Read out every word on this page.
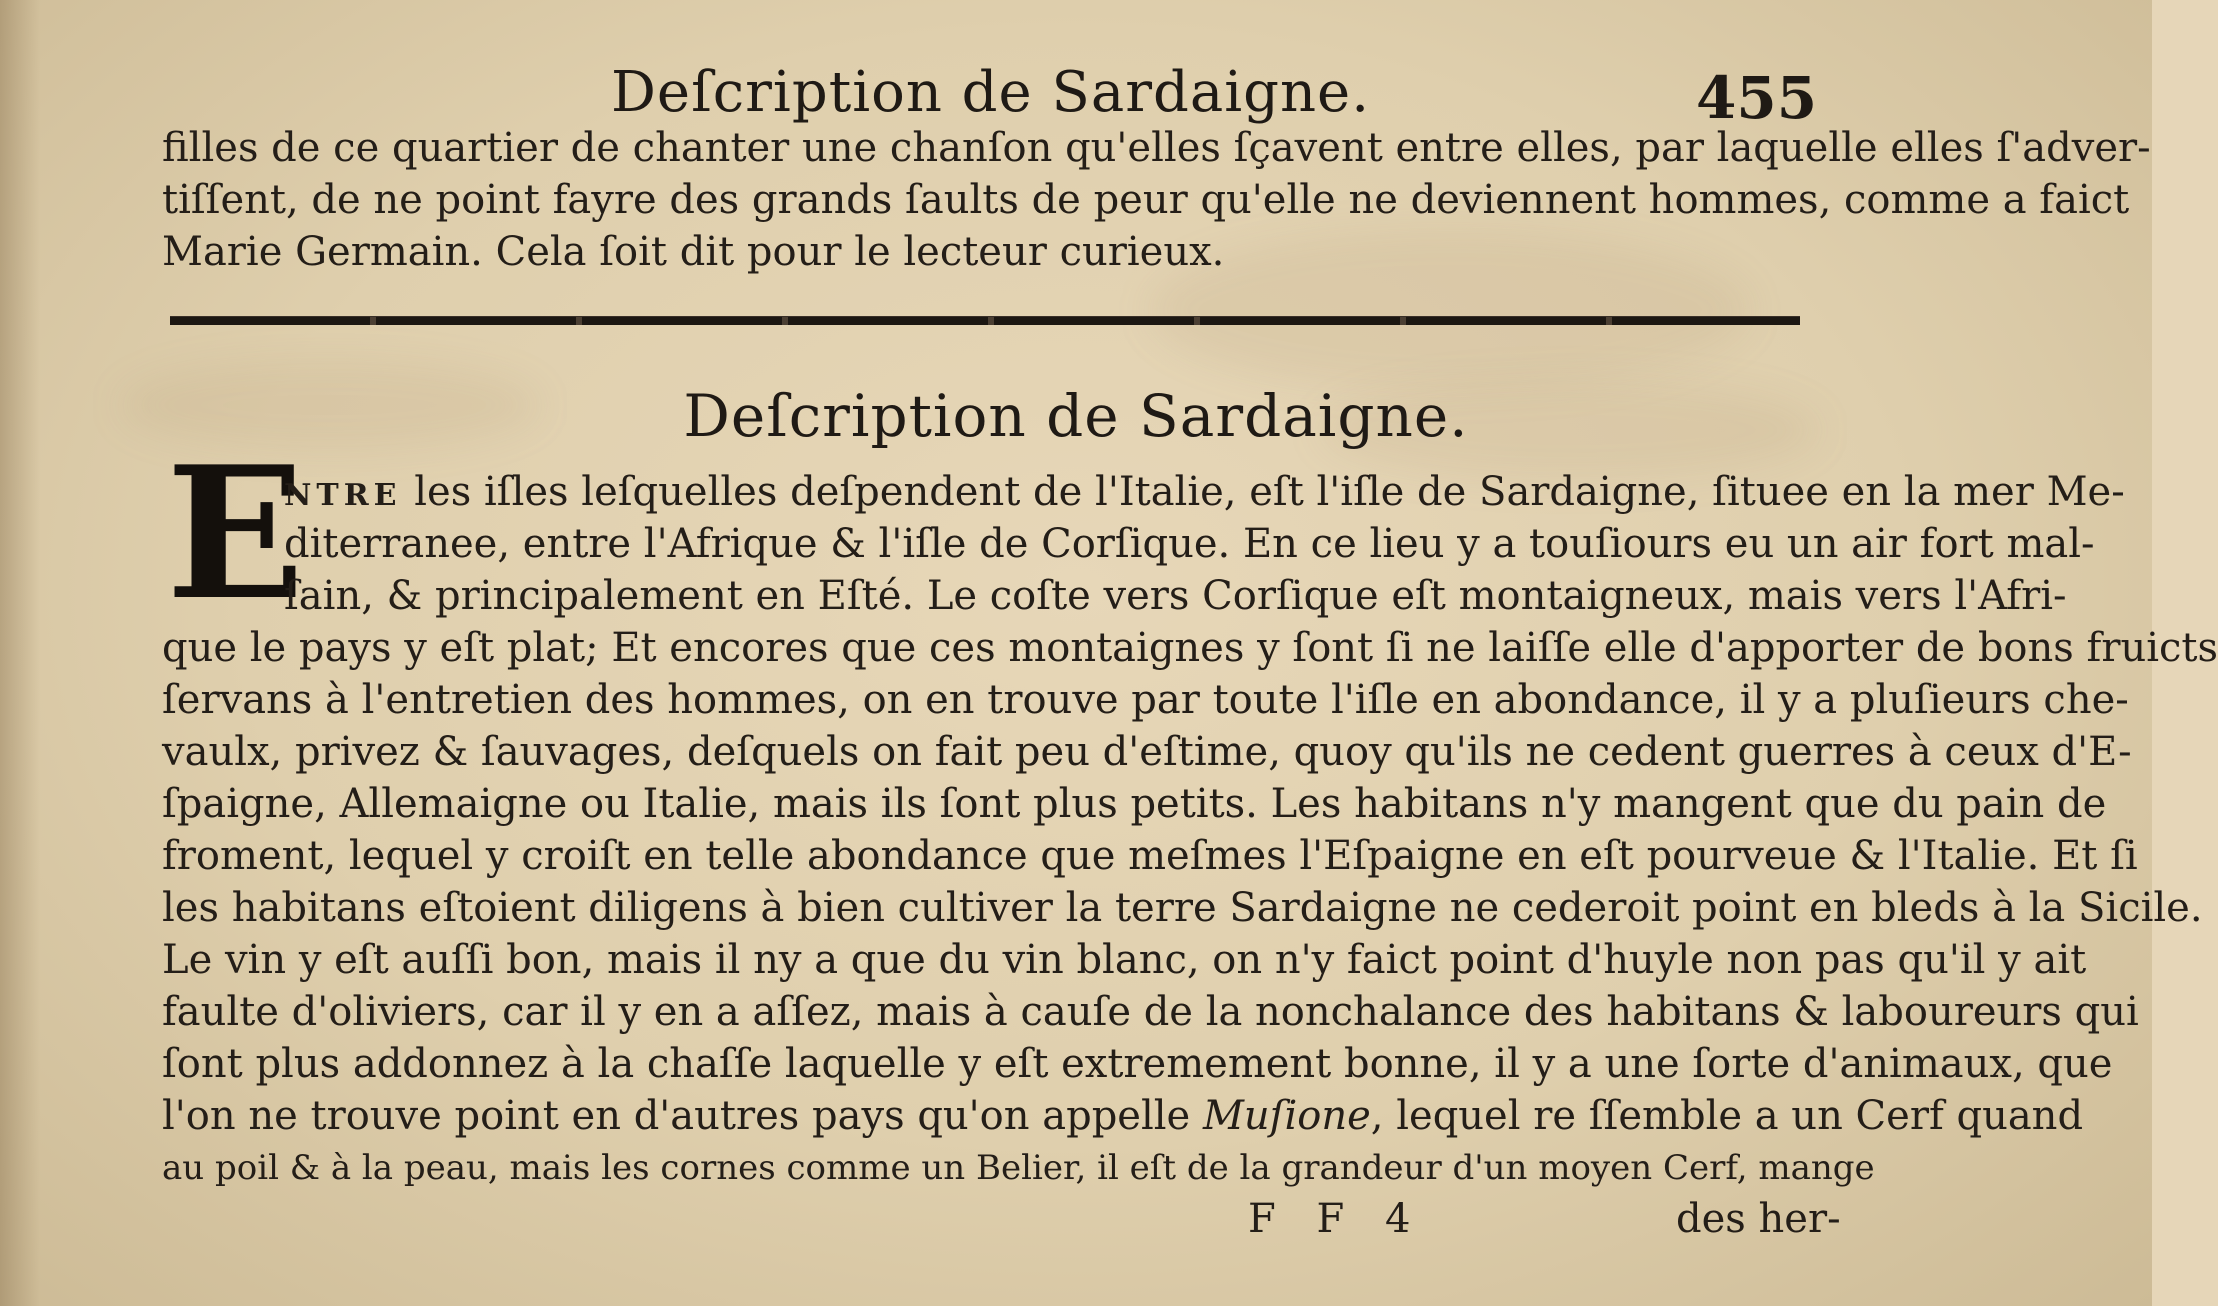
Deſcription de Sardaigne.	455
filles de ce quartier de chanter une chanſon qu'elles ſçavent entre elles, par laquelle elles ſ'adver-
tiſſent, de ne point fayre des grands ſaults de peur qu'elle ne deviennent hommes, comme a faict
Marie Germain. Cela ſoit dit pour le lecteur curieux.
Deſcription de Sardaigne.
E
NTRE les iſles leſquelles deſpendent de l'Italie, eſt l'iſle de Sardaigne, ſituee en la mer Me-
diterranee, entre l'Afrique & l'iſle de Corſique. En ce lieu y a touſiours eu un air fort mal-
ſain, & principalement en Eſté. Le coſte vers Corſique eſt montaigneux, mais vers l'Afri-
que le pays y eſt plat; Et encores que ces montaignes y ſont ſi ne laiſſe elle d'apporter de bons fruicts
ſervans à l'entretien des hommes, on en trouve par toute l'iſle en abondance, il y a pluſieurs che-
vaulx, privez & ſauvages, deſquels on fait peu d'eſtime, quoy qu'ils ne cedent guerres à ceux d'E-
ſpaigne, Allemaigne ou Italie, mais ils ſont plus petits. Les habitans n'y mangent que du pain de
froment, lequel y croiſt en telle abondance que meſmes l'Eſpaigne en eſt pourveue & l'Italie. Et ſi
les habitans eſtoient diligens à bien cultiver la terre Sardaigne ne cederoit point en bleds à la Sicile.
Le vin y eſt auſſi bon, mais il ny a que du vin blanc, on n'y faict point d'huyle non pas qu'il y ait
faulte d'oliviers, car il y en a aſſez, mais à cauſe de la nonchalance des habitans & laboureurs qui
ſont plus addonnez à la chaſſe laquelle y eſt extremement bonne, il y a une ſorte d'animaux, que
l'on ne trouve point en d'autres pays qu'on appelle Muſione, lequel re ſſemble a un Cerf quand
au poil & à la peau, mais les cornes comme un Belier, il eſt de la grandeur d'un moyen Cerf, mange
F F 4	des her-
